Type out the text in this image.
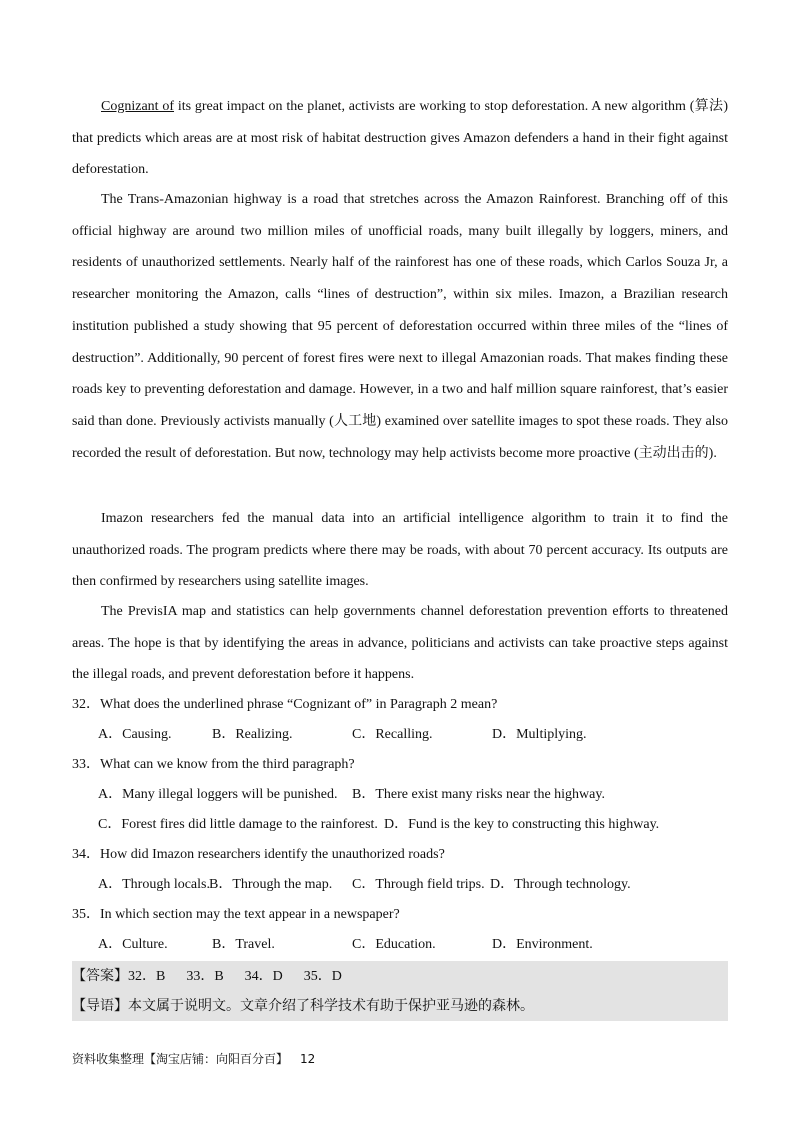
Cognizant of its great impact on the planet, activists are working to stop deforestation. A new algorithm (算法) that predicts which areas are at most risk of habitat destruction gives Amazon defenders a hand in their fight against deforestation.

The Trans-Amazonian highway is a road that stretches across the Amazon Rainforest. Branching off of this official highway are around two million miles of unofficial roads, many built illegally by loggers, miners, and residents of unauthorized settlements. Nearly half of the rainforest has one of these roads, which Carlos Souza Jr, a researcher monitoring the Amazon, calls “lines of destruction”, within six miles. Imazon, a Brazilian research institution published a study showing that 95 percent of deforestation occurred within three miles of the “lines of destruction”. Additionally, 90 percent of forest fires were next to illegal Amazonian roads. That makes finding these roads key to preventing deforestation and damage. However, in a two and half million square rainforest, that’s easier said than done. Previously activists manually (人工地) examined over satellite images to spot these roads. They also recorded the result of deforestation. But now, technology may help activists become more proactive (主动出击的).

Imazon researchers fed the manual data into an artificial intelligence algorithm to train it to find the unauthorized roads. The program predicts where there may be roads, with about 70 percent accuracy. Its outputs are then confirmed by researchers using satellite images.

The PrevisIA map and statistics can help governments channel deforestation prevention efforts to threatened areas. The hope is that by identifying the areas in advance, politicians and activists can take proactive steps against the illegal roads, and prevent deforestation before it happens.

32．What does the underlined phrase “Cognizant of” in Paragraph 2 mean?
A．Causing.	B．Realizing.	C．Recalling.	D．Multiplying.
33．What can we know from the third paragraph?
A．Many illegal loggers will be punished. B．There exist many risks near the highway.
C．Forest fires did little damage to the rainforest. D．Fund is the key to constructing this highway.
34．How did Imazon researchers identify the unauthorized roads?
A．Through locals. B．Through the map. C．Through field trips. D．Through technology.
35．In which section may the text appear in a newspaper?
A．Culture.	B．Travel.	C．Education.	D．Environment.
【答案】32．B      33．B      34．D      35．D
【导语】本文属于说明文。文章介绍了科学技术有助于保护亚马逊的森林。
资料收集整理【淘宝店铺：向阳百分百】 12
